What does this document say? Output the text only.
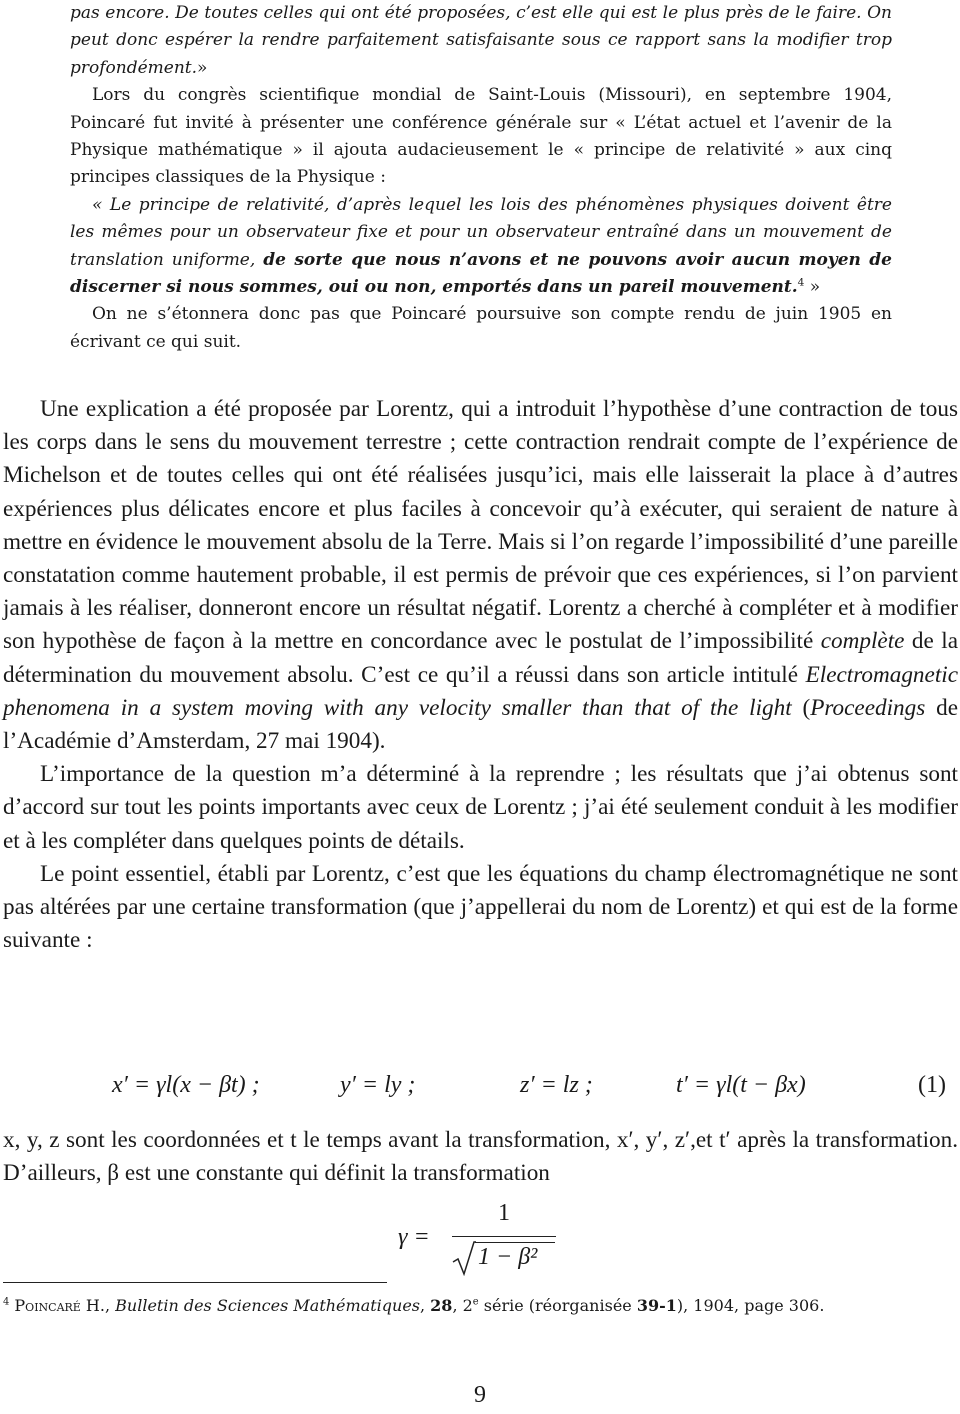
pas encore. De toutes celles qui ont été proposées, c’est elle qui est le plus près de le faire. On peut donc espérer la rendre parfaitement satisfaisante sous ce rapport sans la modifier trop profondément.»

Lors du congrès scientifique mondial de Saint-Louis (Missouri), en septembre 1904, Poincaré fut invité à présenter une conférence générale sur « L’état actuel et l’avenir de la Physique mathématique » il ajouta audacieusement le « principe de relativité » aux cinq principes classiques de la Physique :

« Le principe de relativité, d’après lequel les lois des phénomènes physiques doivent être les mêmes pour un observateur fixe et pour un observateur entraîné dans un mouvement de translation uniforme, de sorte que nous n’avons et ne pouvons avoir aucun moyen de discerner si nous sommes, oui ou non, emportés dans un pareil mouvement.$^4$ »

On ne s’étonnera donc pas que Poincaré poursuive son compte rendu de juin 1905 en écrivant ce qui suit.

Une explication a été proposée par Lorentz, qui a introduit l’hypothèse d’une contraction de tous les corps dans le sens du mouvement terrestre ; cette contraction rendrait compte de l’expérience de Michelson et de toutes celles qui ont été réalisées jusqu’ici, mais elle laisserait la place à d’autres expériences plus délicates encore et plus faciles à concevoir qu’à exécuter, qui seraient de nature à mettre en évidence le mouvement absolu de la Terre. Mais si l’on regarde l’impossibilité d’une pareille constatation comme hautement probable, il est permis de prévoir que ces expériences, si l’on parvient jamais à les réaliser, donneront encore un résultat négatif. Lorentz a cherché à compléter et à modifier son hypothèse de façon à la mettre en concordance avec le postulat de l’impossibilité complète de la détermination du mouvement absolu. C’est ce qu’il a réussi dans son article intitulé Electromagnetic phenomena in a system moving with any velocity smaller than that of the light (Proceedings de l’Académie d’Amsterdam, 27 mai 1904).

L’importance de la question m’a déterminé à la reprendre ; les résultats que j’ai obtenus sont d’accord sur tout les points importants avec ceux de Lorentz ; j’ai été seulement conduit à les modifier et à les compléter dans quelques points de détails.

Le point essentiel, établi par Lorentz, c’est que les équations du champ électromagnétique ne sont pas altérées par une certaine transformation (que j’appellerai du nom de Lorentz) et qui est de la forme suivante :

x′ = γl(x − βt) ;	y′ = ly ;	z′ = lz ;	t′ = γl(t − βx)	(1)

x, y, z sont les coordonnées et t le temps avant la transformation, x′, y′, z′,et t′ après la transformation. D’ailleurs, β est une constante qui définit la transformation

γ =
1
1 − β²
$^4$ Poincaré H., Bulletin des Sciences Mathématiques, 28, 2e série (réorganisée 39-1), 1904, page 306.
9
